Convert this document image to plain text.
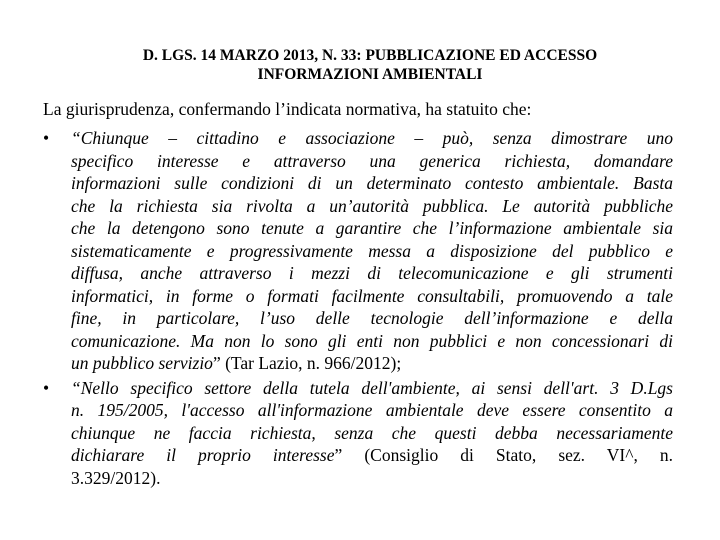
D. LGS. 14 MARZO 2013, N. 33: PUBBLICAZIONE ED ACCESSO
INFORMAZIONI AMBIENTALI
La giurisprudenza, confermando l’indicata normativa, ha statuito che:
•	“Chiunque – cittadino e associazione – può, senza dimostrare uno
specifico interesse e attraverso una generica richiesta, domandare
informazioni sulle condizioni di un determinato contesto ambientale. Basta
che la richiesta sia rivolta a un’autorità pubblica. Le autorità pubbliche
che la detengono sono tenute a garantire che l’informazione ambientale sia
sistematicamente e progressivamente messa a disposizione del pubblico e
diffusa, anche attraverso i mezzi di telecomunicazione e gli strumenti
informatici, in forme o formati facilmente consultabili, promuovendo a tale
fine, in particolare, l’uso delle tecnologie dell’informazione e della
comunicazione. Ma non lo sono gli enti non pubblici e non concessionari di
un pubblico servizio” (Tar Lazio, n. 966/2012);
•	“Nello specifico settore della tutela dell'ambiente, ai sensi dell'art. 3 D.Lgs
n. 195/2005, l'accesso all'informazione ambientale deve essere consentito a
chiunque ne faccia richiesta, senza che questi debba necessariamente
dichiarare il proprio interesse” (Consiglio di Stato, sez. VI^, n.
3.329/2012).
